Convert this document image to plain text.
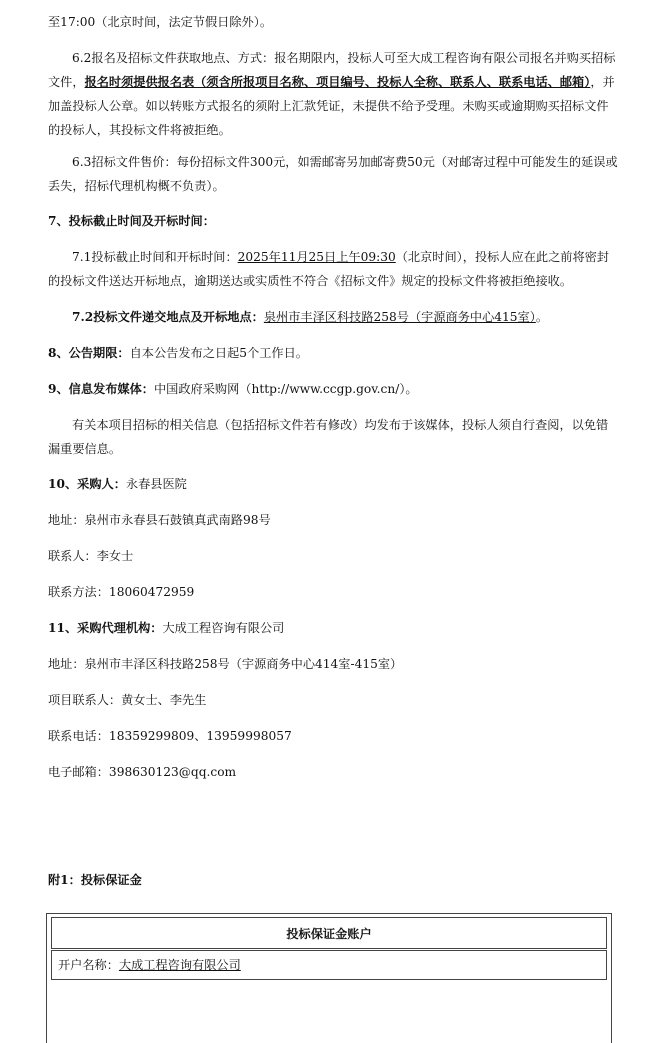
至17:00（北京时间，法定节假日除外）。

6.2报名及招标文件获取地点、方式：报名期限内，投标人可至大成工程咨询有限公司报名并购买招标文件，报名时须提供报名表（须含所报项目名称、项目编号、投标人全称、联系人、联系电话、邮箱），并加盖投标人公章。如以转账方式报名的须附上汇款凭证，未提供不给予受理。未购买或逾期购买招标文件的投标人，其投标文件将被拒绝。

6.3招标文件售价：每份招标文件300元，如需邮寄另加邮寄费50元（对邮寄过程中可能发生的延误或丢失，招标代理机构概不负责）。

7、投标截止时间及开标时间：

7.1投标截止时间和开标时间：2025年11月25日上午09:30（北京时间），投标人应在此之前将密封的投标文件送达开标地点，逾期送达或实质性不符合《招标文件》规定的投标文件将被拒绝接收。

7.2投标文件递交地点及开标地点：泉州市丰泽区科技路258号（宇源商务中心415室）。

8、公告期限：自本公告发布之日起5个工作日。

9、信息发布媒体：中国政府采购网（http://www.ccgp.gov.cn/）。

有关本项目招标的相关信息（包括招标文件若有修改）均发布于该媒体，投标人须自行查阅，以免错漏重要信息。

10、采购人：永春县医院

地址：泉州市永春县石鼓镇真武南路98号

联系人：李女士

联系方法：18060472959

11、采购代理机构：大成工程咨询有限公司

地址：泉州市丰泽区科技路258号（宇源商务中心414室-415室）

项目联系人：黄女士、李先生

联系电话：18359299809、13959998057

电子邮箱：398630123@qq.com

附1：投标保证金

投标保证金账户
开户名称：大成工程咨询有限公司
